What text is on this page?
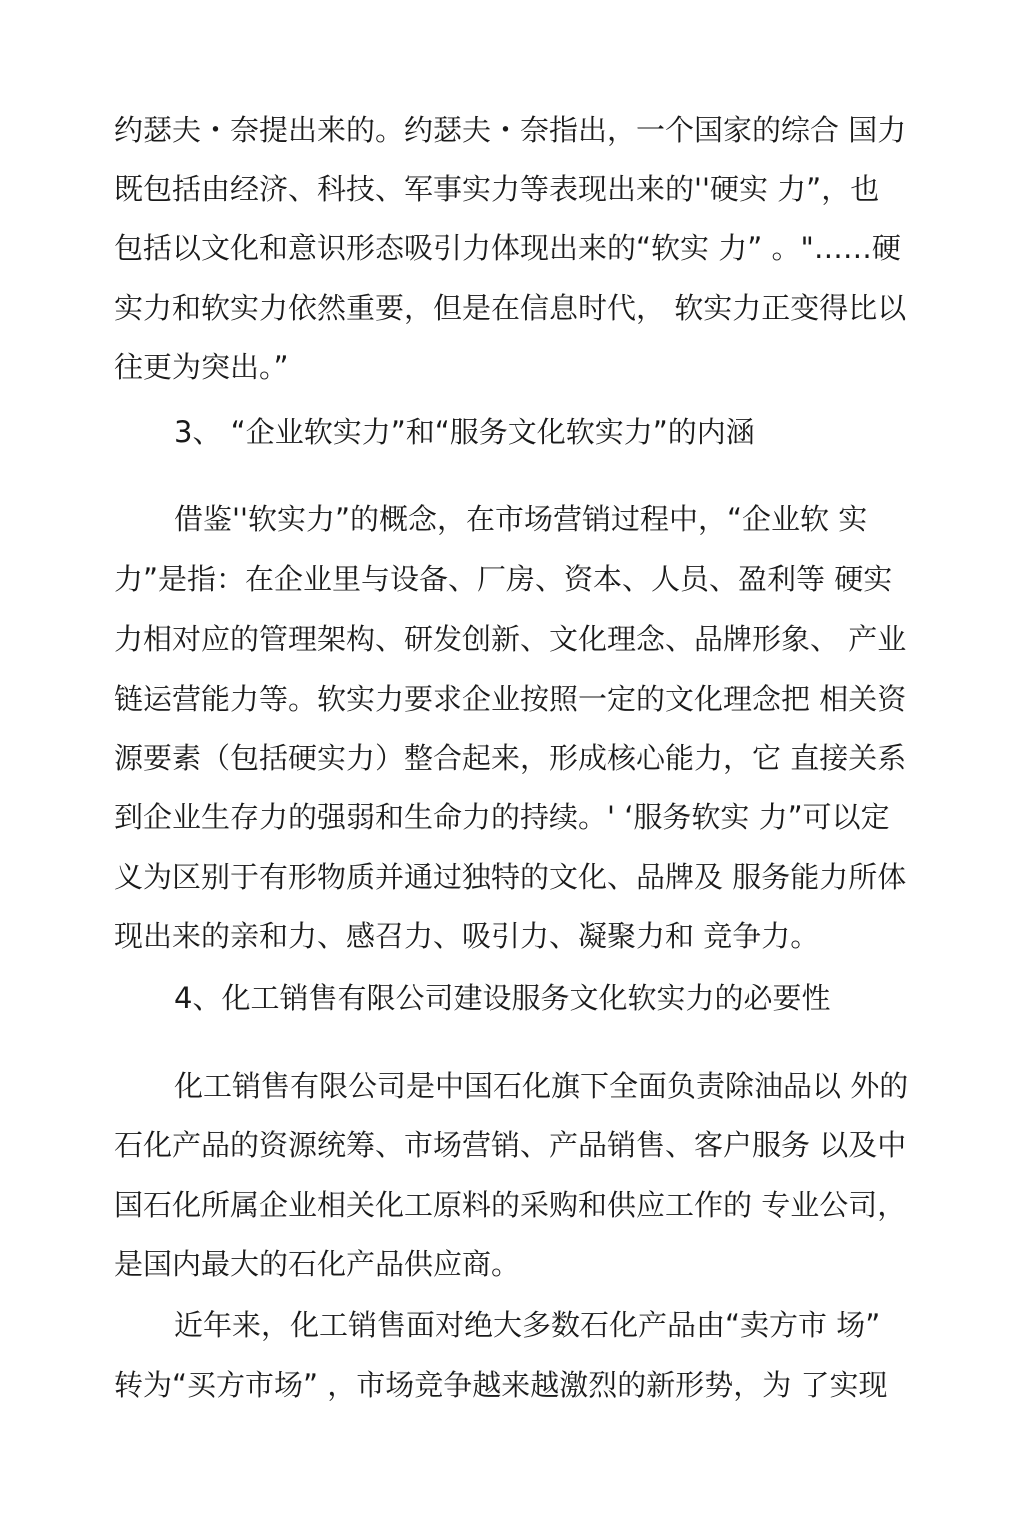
约瑟夫・奈提出来的。约瑟夫・奈指出，一个国家的综合 国力
既包括由经济、科技、军事实力等表现出来的''硬实 力”，也
包括以文化和意识形态吸引力体现出来的“软实 力” 。"……硬
实力和软实力依然重要，但是在信息时代， 软实力正变得比以
往更为突出。”
3、 “企业软实力”和“服务文化软实力”的内涵
借鉴''软实力”的概念，在市场营销过程中，“企业软 实
力”是指：在企业里与设备、厂房、资本、人员、盈利等 硬实
力相对应的管理架构、研发创新、文化理念、品牌形象、 产业
链运营能力等。软实力要求企业按照一定的文化理念把 相关资
源要素（包括硬实力）整合起来，形成核心能力，它 直接关系
到企业生存力的强弱和生命力的持续。' ‘服务软实 力”可以定
义为区别于有形物质并通过独特的文化、品牌及 服务能力所体
现出来的亲和力、感召力、吸引力、凝聚力和 竞争力。
4、化工销售有限公司建设服务文化软实力的必要性
化工销售有限公司是中国石化旗下全面负责除油品以 外的
石化产品的资源统筹、市场营销、产品销售、客户服务 以及中
国石化所属企业相关化工原料的采购和供应工作的 专业公司，
是国内最大的石化产品供应商。
近年来，化工销售面对绝大多数石化产品由“卖方市 场”
转为“买方市场” ，市场竞争越来越激烈的新形势，为 了实现
